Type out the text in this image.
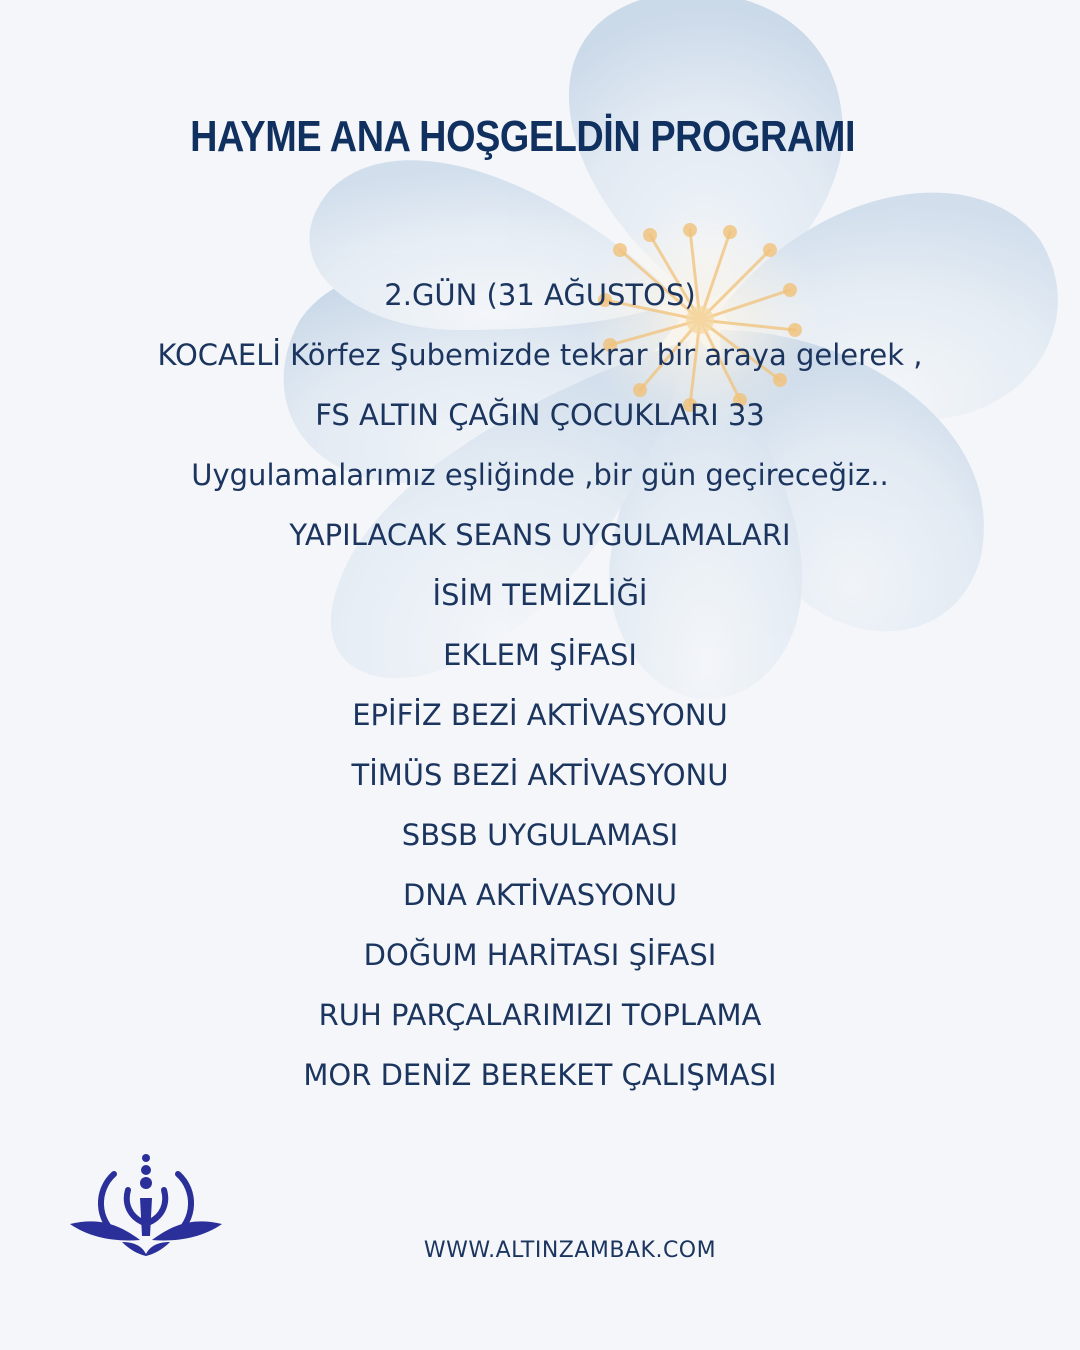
HAYME ANA HOŞGELDİN PROGRAMI
2.GÜN (31 AĞUSTOS)
KOCAELİ Körfez Şubemizde tekrar bir araya gelerek ,
FS ALTIN ÇAĞIN ÇOCUKLARI 33
Uygulamalarımız eşliğinde ,bir gün geçireceğiz..
YAPILACAK SEANS UYGULAMALARI
İSİM TEMİZLİĞİ
EKLEM ŞİFASI
EPİFİZ BEZİ AKTİVASYONU
TİMÜS BEZİ AKTİVASYONU
SBSB UYGULAMASI
DNA AKTİVASYONU
DOĞUM HARİTASI ŞİFASI
RUH PARÇALARIMIZI TOPLAMA
MOR DENİZ BEREKET ÇALIŞMASI
WWW.ALTINZAMBAK.COM
